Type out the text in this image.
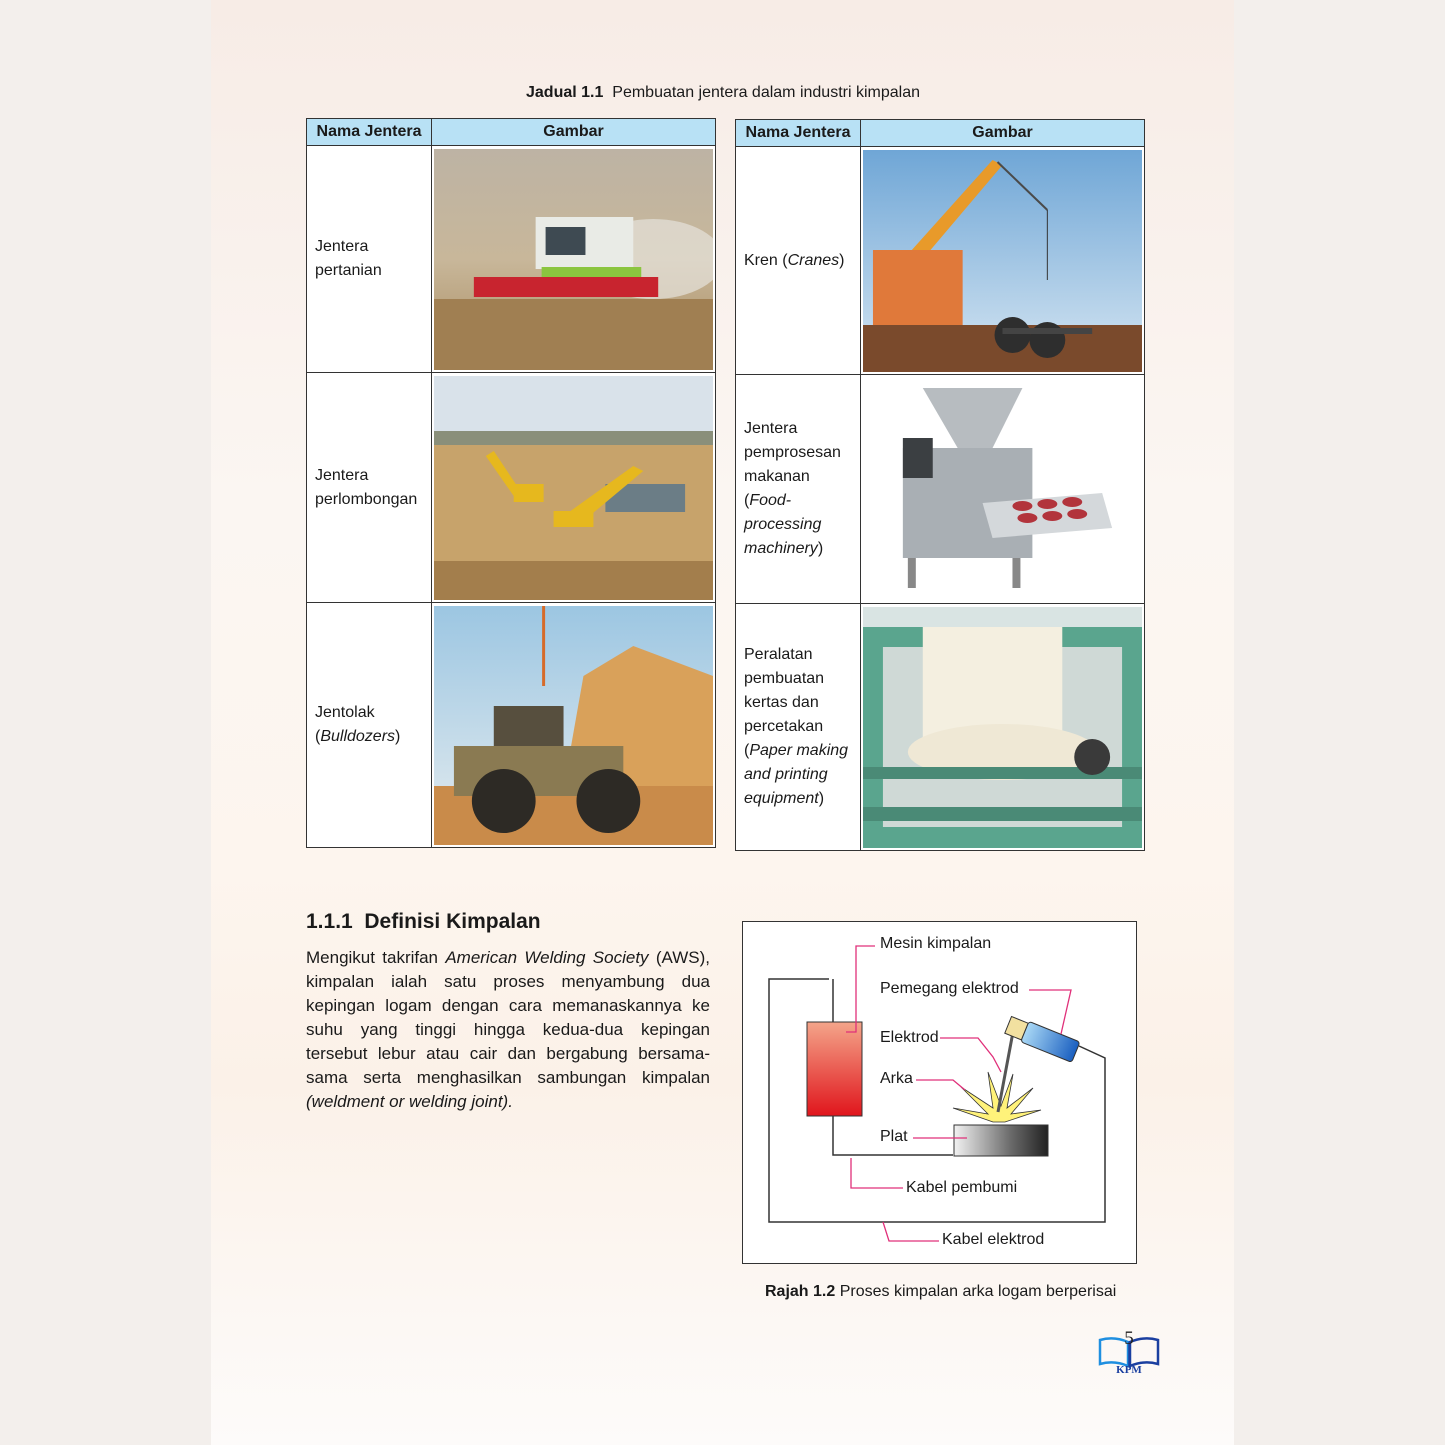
Jadual 1.1 Pembuatan jentera dalam industri kimpalan
Nama Jentera	Gambar
Jentera pertanian	

Jentera perlombongan	

Jentolak (Bulldozers)	
Nama Jentera	Gambar
Kren (Cranes)	

Jentera pemprosesan makanan (Food-processing machinery)	

Peralatan pembuatan kertas dan percetakan (Paper making and printing equipment)	
1.1.1 Definisi Kimpalan
Mengikut takrifan American Welding Society (AWS), kimpalan ialah satu proses menyambung dua kepingan logam dengan cara memanaskannya ke suhu yang tinggi hingga kedua-dua kepingan tersebut lebur atau cair dan bergabung bersama-sama serta menghasilkan sambungan kimpalan (weldment or welding joint).
Mesin kimpalan
Pemegang elektrod
Elektrod
Arka
Plat
Kabel pembumi
Kabel elektrod
Rajah 1.2 Proses kimpalan arka logam berperisai
5
KPM
